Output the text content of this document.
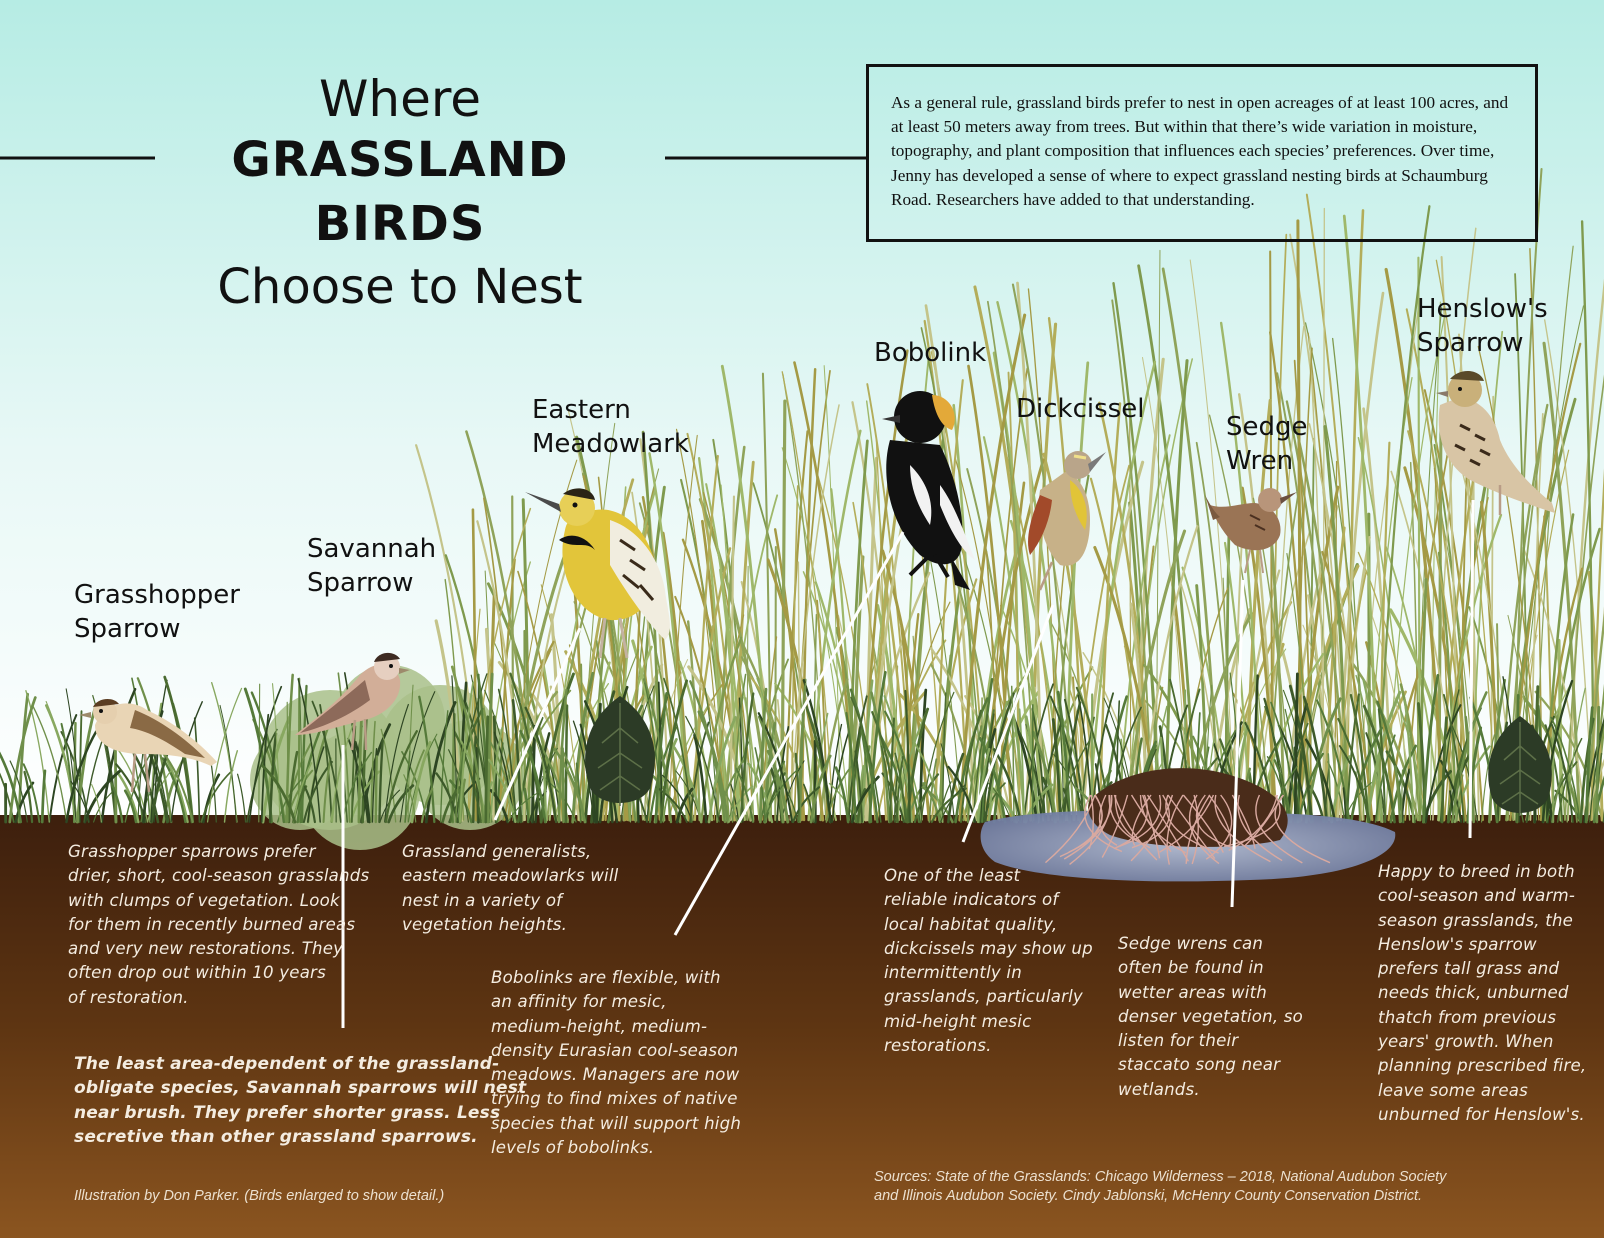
Where
GRASSLAND BIRDS
Choose to Nest
As a general rule, grassland birds prefer to nest in open acreages of at least 100 acres, and at least 50 meters away from trees. But within that there’s wide variation in moisture, topography, and plant composition that influences each species’ preferences. Over time, Jenny has developed a sense of where to expect grassland nesting birds at Schaumburg Road. Researchers have added to that understanding.
Grasshopper
Sparrow
Savannah
Sparrow
Eastern
Meadowlark
Bobolink
Dickcissel
Sedge
Wren
Henslow's
Sparrow
Grasshopper sparrows prefer
drier, short, cool-season grasslands
with clumps of vegetation. Look
for them in recently burned areas
and very new restorations. They
often drop out within 10 years
of restoration.
The least area-dependent of the grassland-
obligate species, Savannah sparrows will nest
near brush. They prefer shorter grass. Less
secretive than other grassland sparrows.
Grassland generalists,
eastern meadowlarks will
nest in a variety of
vegetation heights.
Bobolinks are flexible, with
an affinity for mesic,
medium-height, medium-
density Eurasian cool-season
meadows. Managers are now
trying to find mixes of native
species that will support high
levels of bobolinks.
One of the least
reliable indicators of
local habitat quality,
dickcissels may show up
intermittently in
grasslands, particularly
mid-height mesic
restorations.
Sedge wrens can
often be found in
wetter areas with
denser vegetation, so
listen for their
staccato song near
wetlands.
Happy to breed in both
cool-season and warm-
season grasslands, the
Henslow's sparrow
prefers tall grass and
needs thick, unburned
thatch from previous
years' growth. When
planning prescribed fire,
leave some areas
unburned for Henslow's.
Illustration by Don Parker. (Birds enlarged to show detail.)
Sources: State of the Grasslands: Chicago Wilderness – 2018, National Audubon Society
and Illinois Audubon Society. Cindy Jablonski, McHenry County Conservation District.
